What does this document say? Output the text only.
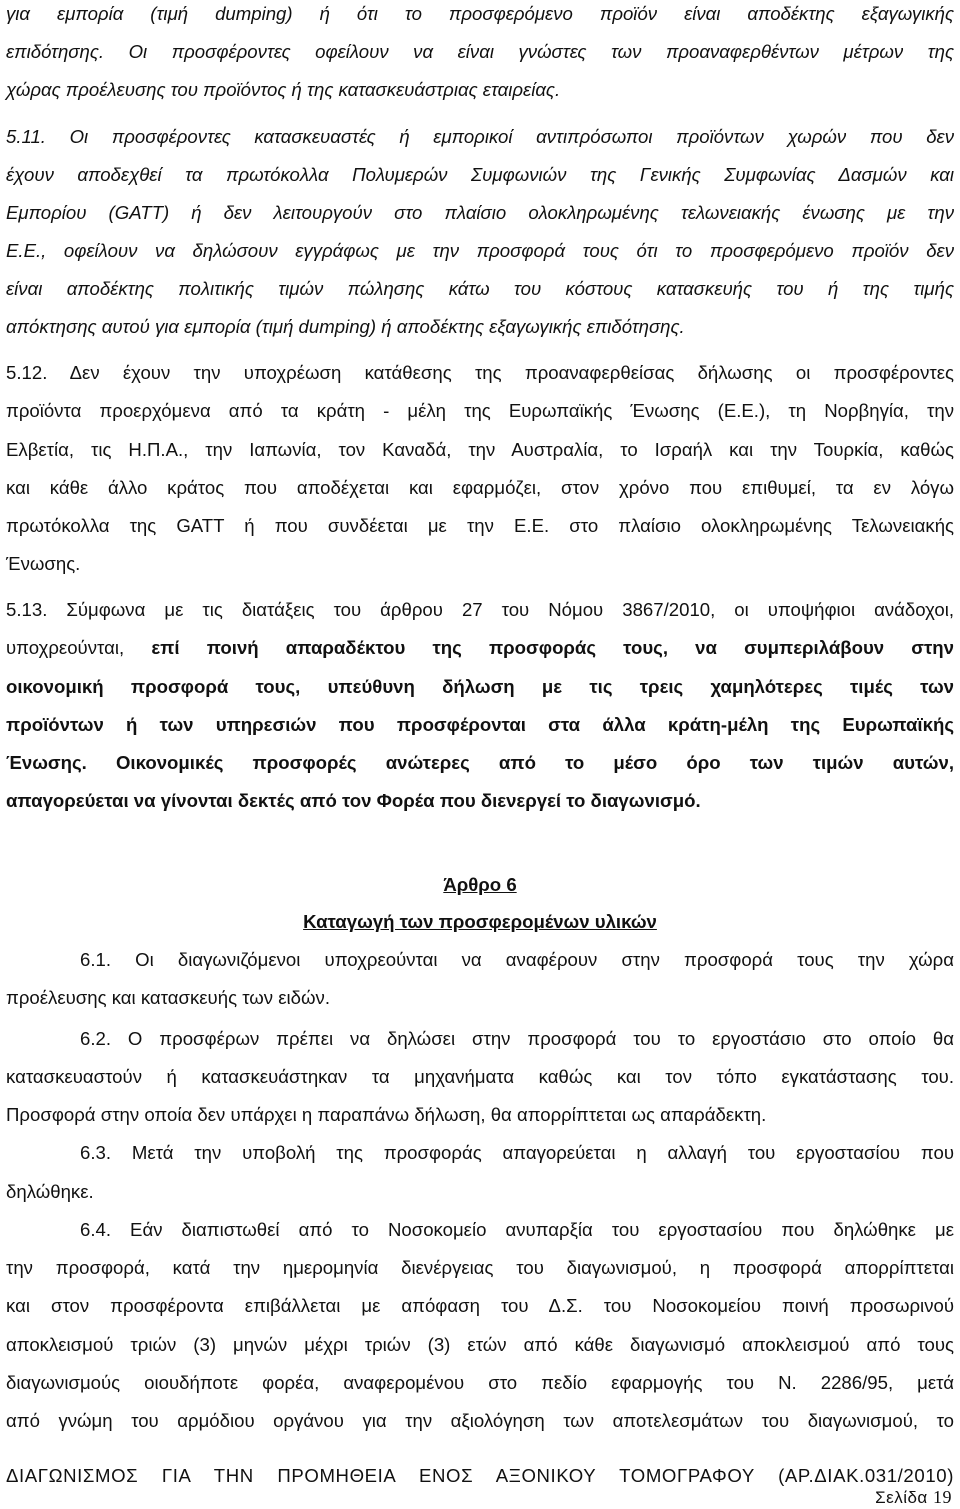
για εμπορία (τιμή dumping) ή ότι το προσφερόμενο προϊόν είναι αποδέκτης εξαγωγικής
επιδότησης. Οι προσφέροντες οφείλουν να είναι γνώστες των προαναφερθέντων μέτρων της
χώρας προέλευσης του προϊόντος ή της κατασκευάστριας εταιρείας.
5.11. Οι προσφέροντες κατασκευαστές ή εμπορικοί αντιπρόσωποι προϊόντων χωρών που δεν
έχουν αποδεχθεί τα πρωτόκολλα Πολυμερών Συμφωνιών της Γενικής Συμφωνίας Δασμών και
Εμπορίου (GATT) ή δεν λειτουργούν στο πλαίσιο ολοκληρωμένης τελωνειακής ένωσης με την
Ε.Ε., οφείλουν να δηλώσουν εγγράφως με την προσφορά τους ότι το προσφερόμενο προϊόν δεν
είναι αποδέκτης πολιτικής τιμών πώλησης κάτω του κόστους κατασκευής του ή της τιμής
απόκτησης αυτού για εμπορία (τιμή dumping) ή αποδέκτης εξαγωγικής επιδότησης.
5.12. Δεν έχουν την υποχρέωση κατάθεσης της προαναφερθείσας δήλωσης οι προσφέροντες
προϊόντα προερχόμενα από τα κράτη - μέλη της Ευρωπαϊκής Ένωσης (Ε.Ε.), τη Νορβηγία, την
Ελβετία, τις Η.Π.Α., την Ιαπωνία, τον Καναδά, την Αυστραλία, το Ισραήλ και την Τουρκία, καθώς
και κάθε άλλο κράτος που αποδέχεται και εφαρμόζει, στον χρόνο που επιθυμεί, τα εν λόγω
πρωτόκολλα της GATT ή που συνδέεται με την Ε.Ε. στο πλαίσιο ολοκληρωμένης Τελωνειακής
Ένωσης.
5.13. Σύμφωνα με τις διατάξεις του άρθρου 27 του Νόμου 3867/2010, οι υποψήφιοι ανάδοχοι,
υποχρεούνται, επί ποινή απαραδέκτου της προσφοράς τους, να συμπεριλάβουν στην
οικονομική προσφορά τους, υπεύθυνη δήλωση με τις τρεις χαμηλότερες τιμές των
προϊόντων ή των υπηρεσιών που προσφέρονται στα άλλα κράτη-μέλη της Ευρωπαϊκής
Ένωσης. Οικονομικές προσφορές ανώτερες από το μέσο όρο των τιμών αυτών,
απαγορεύεται να γίνονται δεκτές από τον Φορέα που διενεργεί το διαγωνισμό.
Άρθρο 6
Καταγωγή των προσφερομένων υλικών
6.1. Οι διαγωνιζόμενοι υποχρεούνται να αναφέρουν στην προσφορά τους την χώρα
προέλευσης και κατασκευής των ειδών.
6.2. Ο προσφέρων πρέπει να δηλώσει στην προσφορά του το εργοστάσιο στο οποίο θα
κατασκευαστούν ή κατασκευάστηκαν τα μηχανήματα καθώς και τον τόπο εγκατάστασης του.
Προσφορά στην οποία δεν υπάρχει η παραπάνω δήλωση, θα απορρίπτεται ως απαράδεκτη.
6.3. Μετά την υποβολή της προσφοράς απαγορεύεται η αλλαγή του εργοστασίου που
δηλώθηκε.
6.4. Εάν διαπιστωθεί από το Νοσοκομείο ανυπαρξία του εργοστασίου που δηλώθηκε με
την προσφορά, κατά την ημερομηνία διενέργειας του διαγωνισμού, η προσφορά απορρίπτεται
και στον προσφέροντα επιβάλλεται με απόφαση του Δ.Σ. του Νοσοκομείου ποινή προσωρινού
αποκλεισμού τριών (3) μηνών μέχρι τριών (3) ετών από κάθε διαγωνισμό αποκλεισμού από τους
διαγωνισμούς οιουδήποτε φορέα, αναφερομένου στο πεδίο εφαρμογής του Ν. 2286/95, μετά
από γνώμη του αρμόδιου οργάνου για την αξιολόγηση των αποτελεσμάτων του διαγωνισμού, το
ΔΙΑΓΩΝΙΣΜΟΣ ΓΙΑ ΤΗΝ ΠΡΟΜΗΘΕΙΑ ΕΝΟΣ ΑΞΟΝΙΚΟΥ ΤΟΜΟΓΡΑΦΟΥ (ΑΡ.ΔΙΑΚ.031/2010)
Σελίδα 19
